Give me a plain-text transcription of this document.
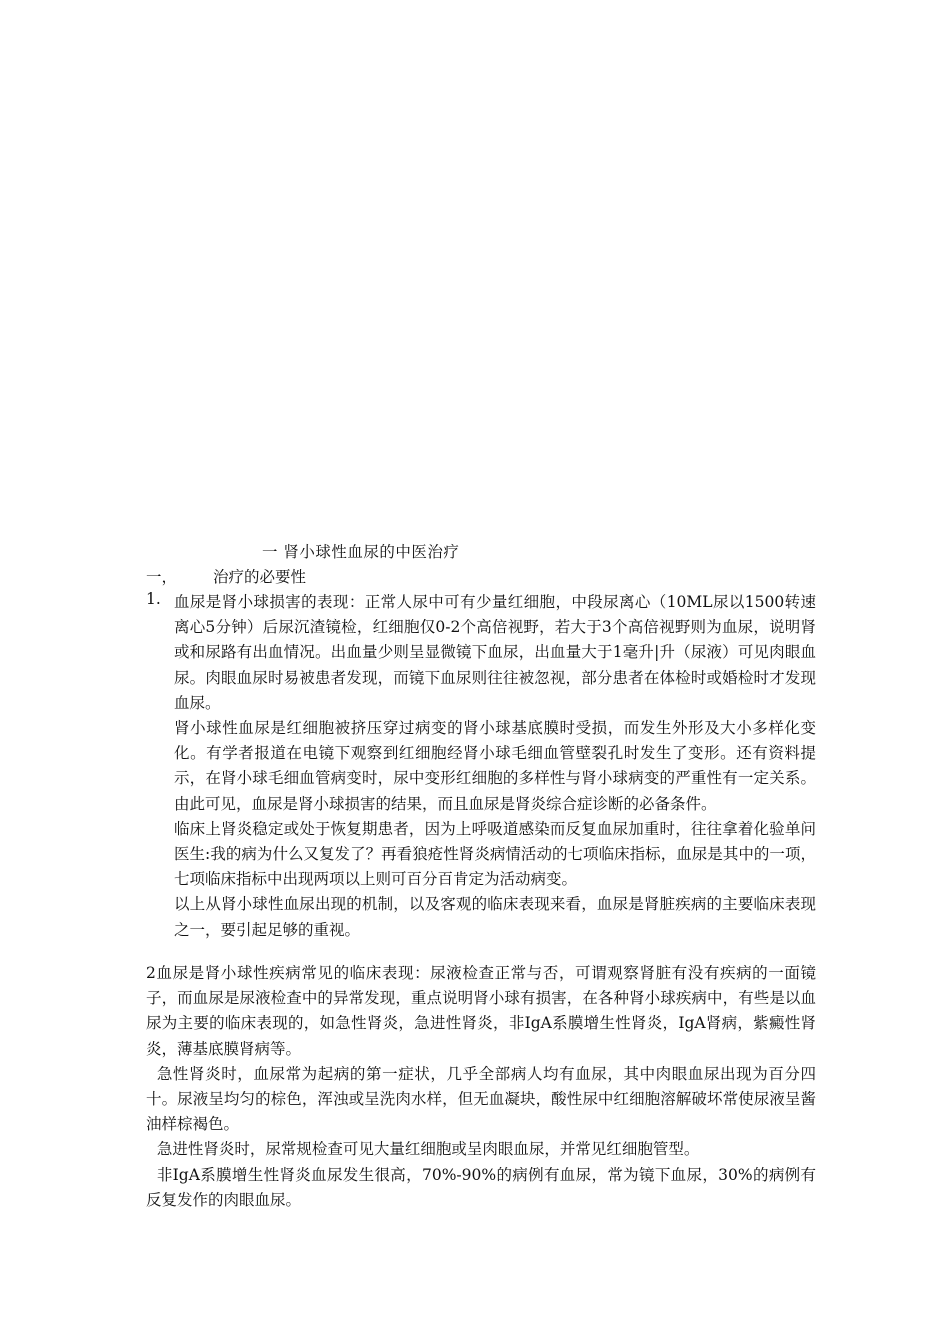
一 肾小球性血尿的中医治疗
一， 治疗的必要性
1. 血尿是肾小球损害的表现：正常人尿中可有少量红细胞，中段尿离心（10ML尿以1500转速离心5分钟）后尿沉渣镜检，红细胞仅0-2个高倍视野，若大于3个高倍视野则为血尿，说明肾或和尿路有出血情况。出血量少则呈显微镜下血尿，出血量大于1毫升|升（尿液）可见肉眼血尿。肉眼血尿时易被患者发现，而镜下血尿则往往被忽视，部分患者在体检时或婚检时才发现血尿。

肾小球性血尿是红细胞被挤压穿过病变的肾小球基底膜时受损，而发生外形及大小多样化变化。有学者报道在电镜下观察到红细胞经肾小球毛细血管壁裂孔时发生了变形。还有资料提示，在肾小球毛细血管病变时，尿中变形红细胞的多样性与肾小球病变的严重性有一定关系。由此可见，血尿是肾小球损害的结果，而且血尿是肾炎综合症诊断的必备条件。

临床上肾炎稳定或处于恢复期患者，因为上呼吸道感染而反复血尿加重时，往往拿着化验单问医生:我的病为什么又复发了？再看狼疮性肾炎病情活动的七项临床指标，血尿是其中的一项，七项临床指标中出现两项以上则可百分百肯定为活动病变。

以上从肾小球性血尿出现的机制，以及客观的临床表现来看，血尿是肾脏疾病的主要临床表现之一，要引起足够的重视。

2血尿是肾小球性疾病常见的临床表现：尿液检查正常与否，可谓观察肾脏有没有疾病的一面镜子，而血尿是尿液检查中的异常发现，重点说明肾小球有损害，在各种肾小球疾病中，有些是以血尿为主要的临床表现的，如急性肾炎，急进性肾炎，非IgA系膜增生性肾炎，IgA肾病，紫癜性肾炎，薄基底膜肾病等。

急性肾炎时，血尿常为起病的第一症状，几乎全部病人均有血尿，其中肉眼血尿出现为百分四十。尿液呈均匀的棕色，浑浊或呈洗肉水样，但无血凝块，酸性尿中红细胞溶解破坏常使尿液呈酱油样棕褐色。

急进性肾炎时，尿常规检查可见大量红细胞或呈肉眼血尿，并常见红细胞管型。

非IgA系膜增生性肾炎血尿发生很高，70%-90%的病例有血尿，常为镜下血尿，30%的病例有反复发作的肉眼血尿。
